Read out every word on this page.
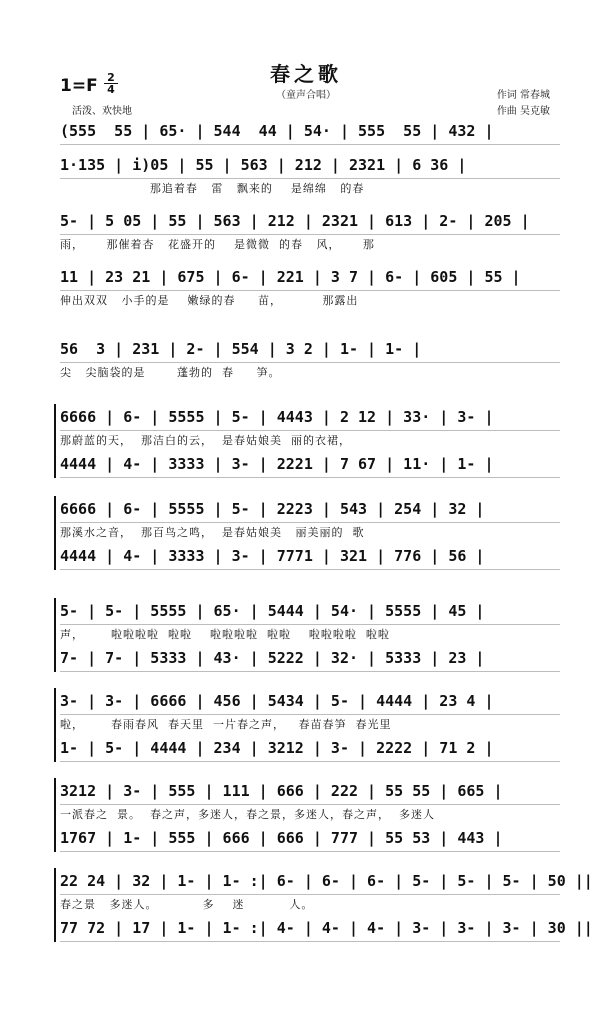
春之歌
（童声合唱）
1=F 2
4
活泼、欢快地
作词 常春城
作曲 吴克敏
(555  55 | 65· | 544  44 | 54· | 555  55 | 432 |
1·135 | i)05 | 55 | 563 | 212 | 2321 | 6 36 |
那追着春   雷   飘来的    是绵绵   的春
5- | 5 05 | 55 | 563 | 212 | 2321 | 613 | 2- | 205 |
雨，     那催着杏   花盛开的    是微微  的春   风，     那
11 | 23 21 | 675 | 6- | 221 | 3 7 | 6- | 605 | 55 |
伸出双双   小手的是    嫩绿的春     苗，         那露出
56  3 | 231 | 2- | 554 | 3 2 | 1- | 1- |
尖   尖脑袋的是       蓬勃的  春     笋。
6666 | 6- | 5555 | 5- | 4443 | 2 12 | 33· | 3- |
那蔚蓝的天，  那洁白的云，  是春姑娘美  丽的衣裙，
4444 | 4- | 3333 | 3- | 2221 | 7 67 | 11· | 1- |
6666 | 6- | 5555 | 5- | 2223 | 543 | 254 | 32 |
那溪水之音，  那百鸟之鸣，  是春姑娘美   丽美丽的  歌
4444 | 4- | 3333 | 3- | 7771 | 321 | 776 | 56 |
5- | 5- | 5555 | 65· | 5444 | 54· | 5555 | 45 |
声，      啦啦啦啦  啦啦    啦啦啦啦  啦啦    啦啦啦啦  啦啦
7- | 7- | 5333 | 43· | 5222 | 32· | 5333 | 23 |
3- | 3- | 6666 | 456 | 5434 | 5- | 4444 | 23 4 |
啦，      春雨春风  春天里  一片春之声，   春苗春笋  春光里
1- | 5- | 4444 | 234 | 3212 | 3- | 2222 | 71 2 |
3212 | 3- | 555 | 111 | 666 | 222 | 55 55 | 665 |
一派春之  景。  春之声，多迷人，春之景，多迷人，春之声，  多迷人
1767 | 1- | 555 | 666 | 666 | 777 | 55 53 | 443 |
22 24 | 32 | 1- | 1- :| 6- | 6- | 6- | 5- | 5- | 5- | 50 ||
春之景   多迷人。          多    迷          人。
77 72 | 17 | 1- | 1- :| 4- | 4- | 4- | 3- | 3- | 3- | 30 ||
